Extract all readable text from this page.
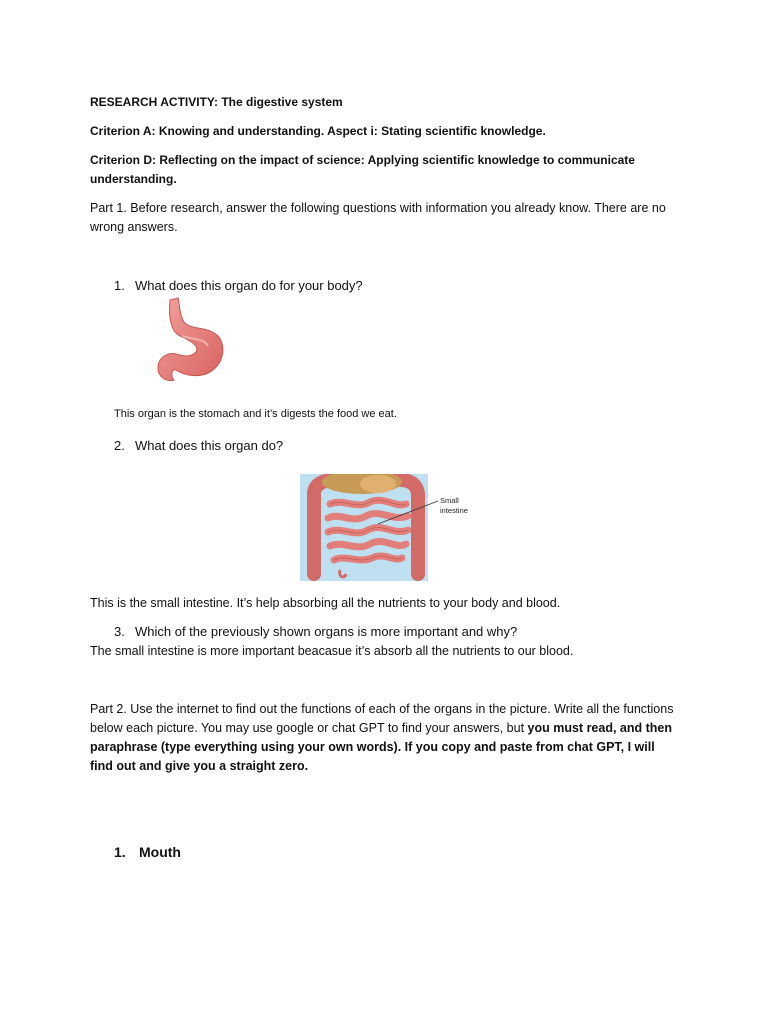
RESEARCH ACTIVITY: The digestive system

Criterion A: Knowing and understanding. Aspect i: Stating scientific knowledge.

Criterion D: Reflecting on the impact of science: Applying scientific knowledge to communicate understanding.

Part 1. Before research, answer the following questions with information you already know. There are no wrong answers.

1. What does this organ do for your body?

This organ is the stomach and it’s digests the food we eat.

2. What does this organ do?

Small
intestine

This is the small intestine. It’s help absorbing all the nutrients to your body and blood.

3. Which of the previously shown organs is more important and why?

The small intestine is more important beacasue it’s absorb all the nutrients to our blood.

Part 2. Use the internet to find out the functions of each of the organs in the picture. Write all the functions below each picture. You may use google or chat GPT to find your answers, but you must read, and then paraphrase (type everything using your own words). If you copy and paste from chat GPT, I will find out and give you a straight zero.

1. Mouth
